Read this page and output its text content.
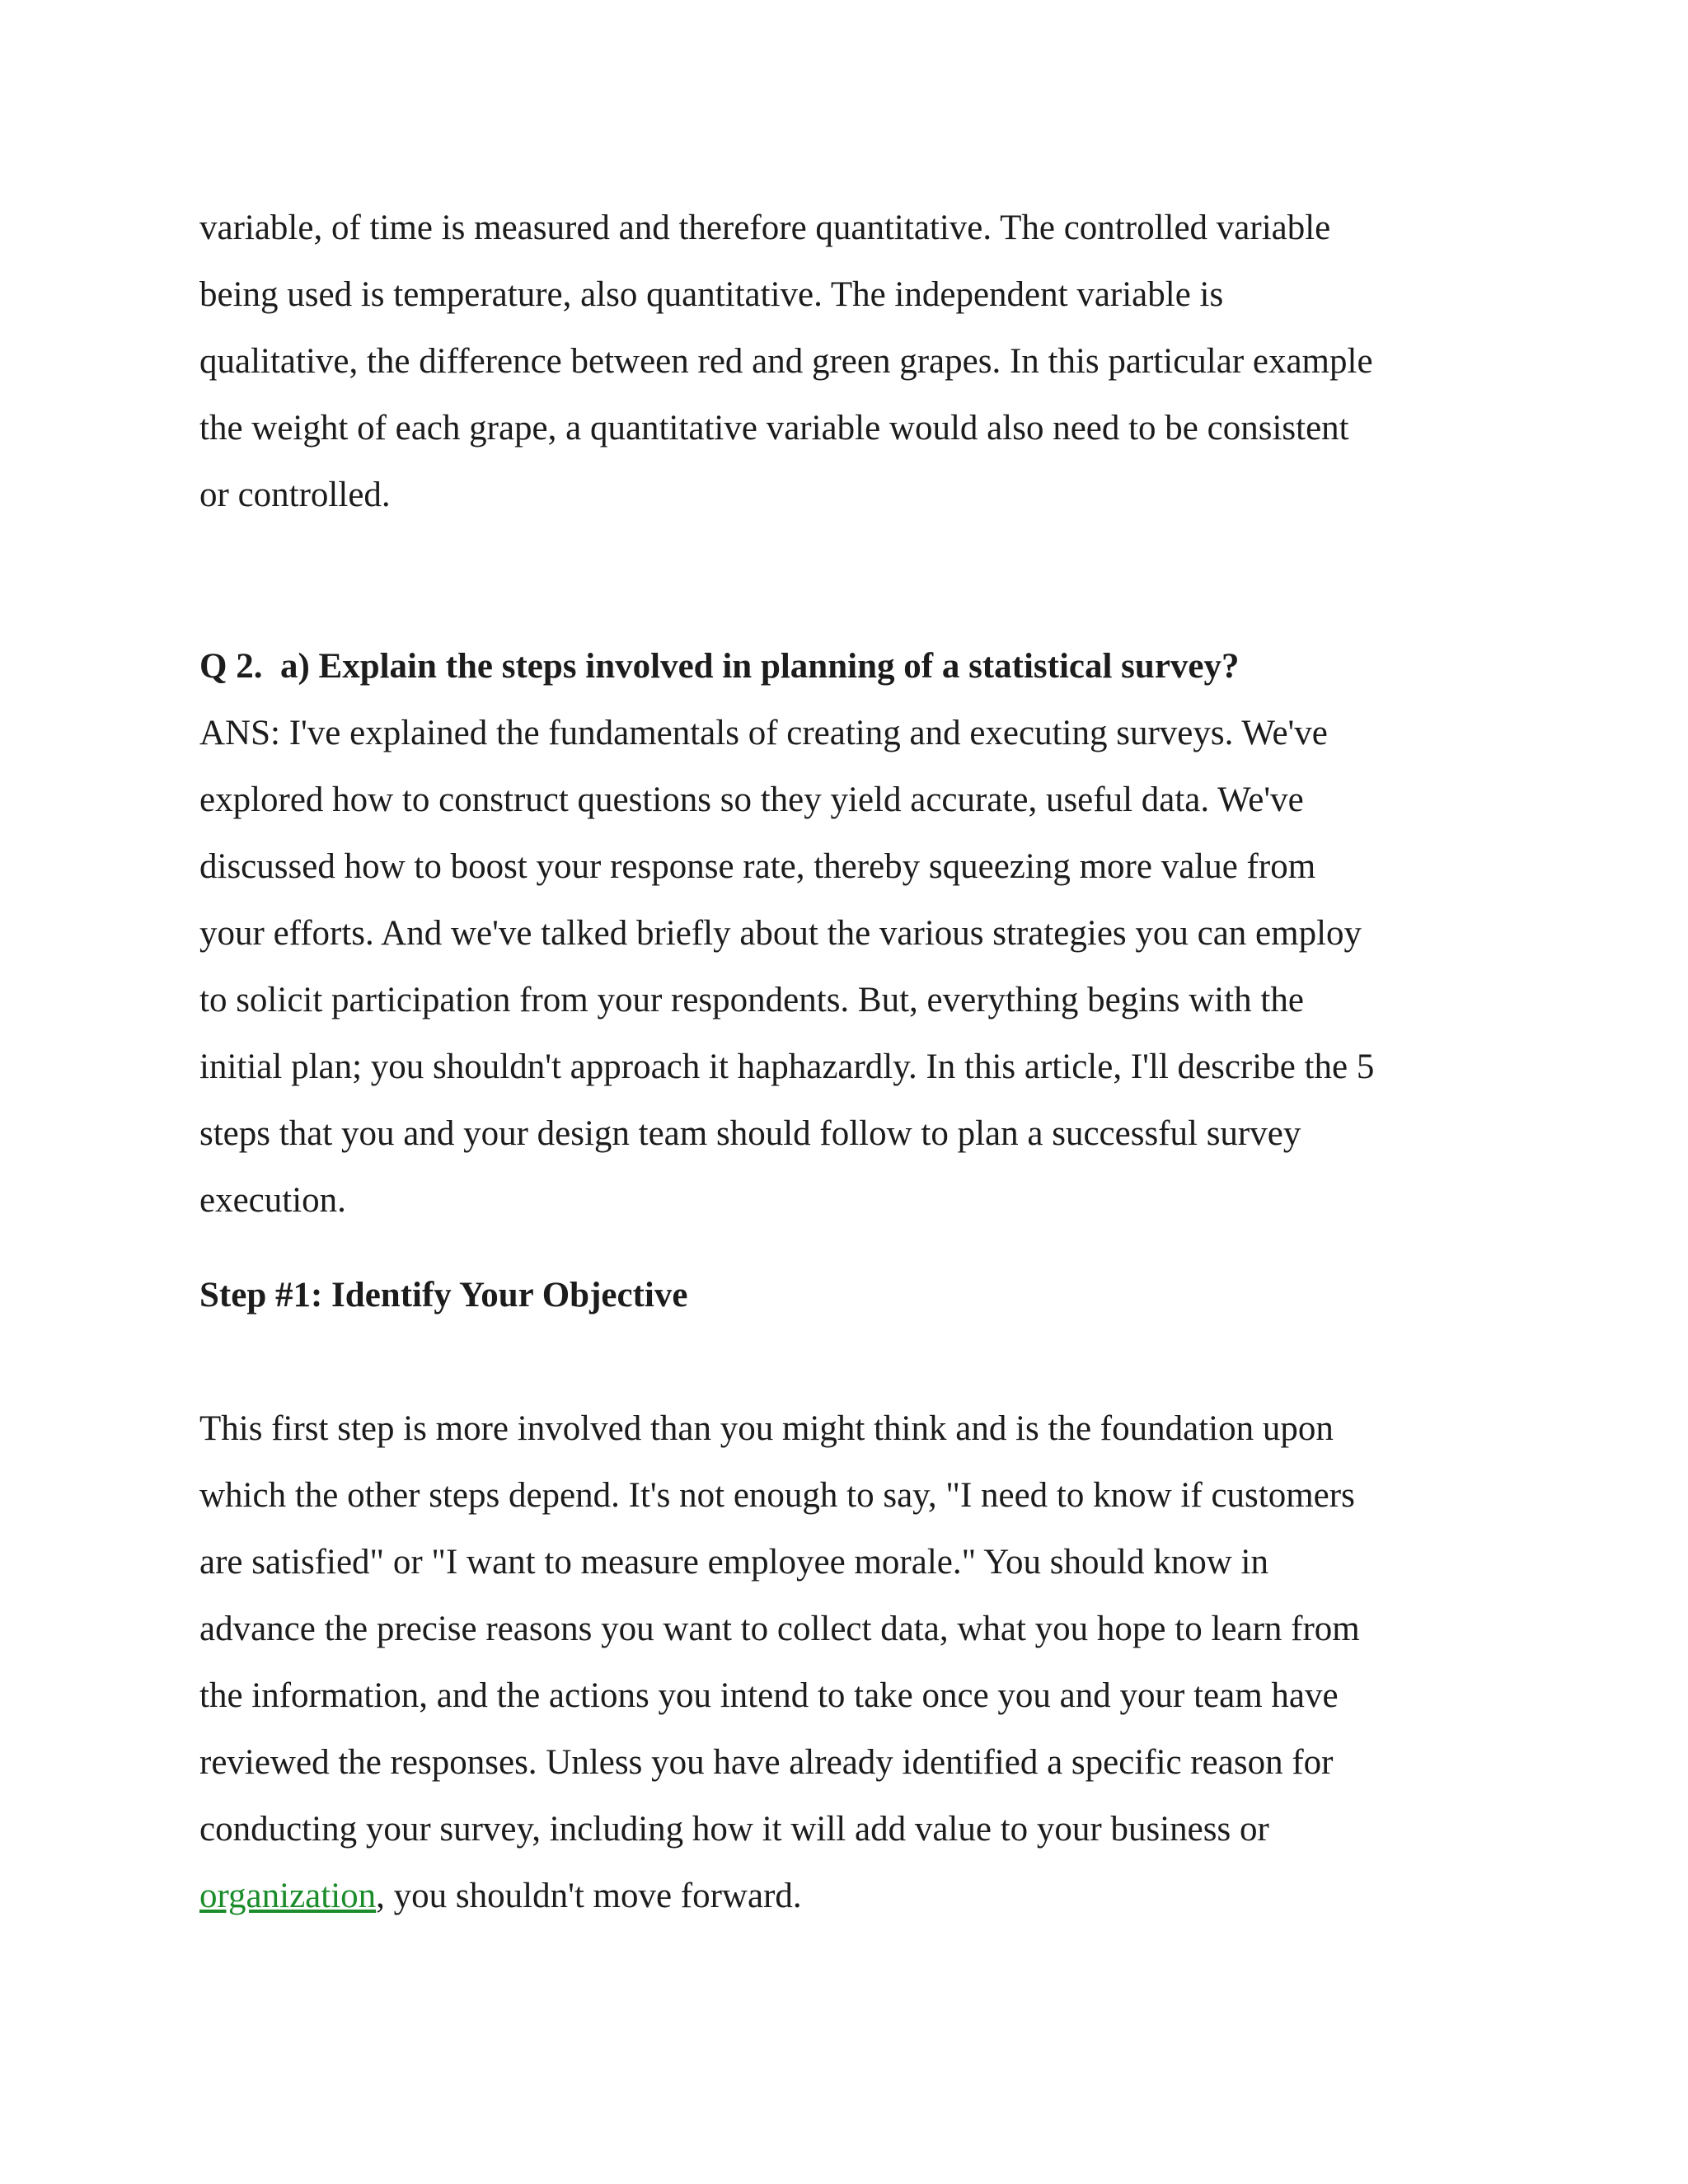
variable, of time is measured and therefore quantitative. The controlled variable
being used is temperature, also quantitative. The independent variable is
qualitative, the difference between red and green grapes. In this particular example
the weight of each grape, a quantitative variable would also need to be consistent
or controlled.
Q 2.  a) Explain the steps involved in planning of a statistical survey?
ANS: I've explained the fundamentals of creating and executing surveys. We've
explored how to construct questions so they yield accurate, useful data. We've
discussed how to boost your response rate, thereby squeezing more value from
your efforts. And we've talked briefly about the various strategies you can employ
to solicit participation from your respondents. But, everything begins with the
initial plan; you shouldn't approach it haphazardly. In this article, I'll describe the 5
steps that you and your design team should follow to plan a successful survey
execution.
Step #1: Identify Your Objective
This first step is more involved than you might think and is the foundation upon
which the other steps depend. It's not enough to say, "I need to know if customers
are satisfied" or "I want to measure employee morale." You should know in
advance the precise reasons you want to collect data, what you hope to learn from
the information, and the actions you intend to take once you and your team have
reviewed the responses. Unless you have already identified a specific reason for
conducting your survey, including how it will add value to your business or
organization, you shouldn't move forward.
